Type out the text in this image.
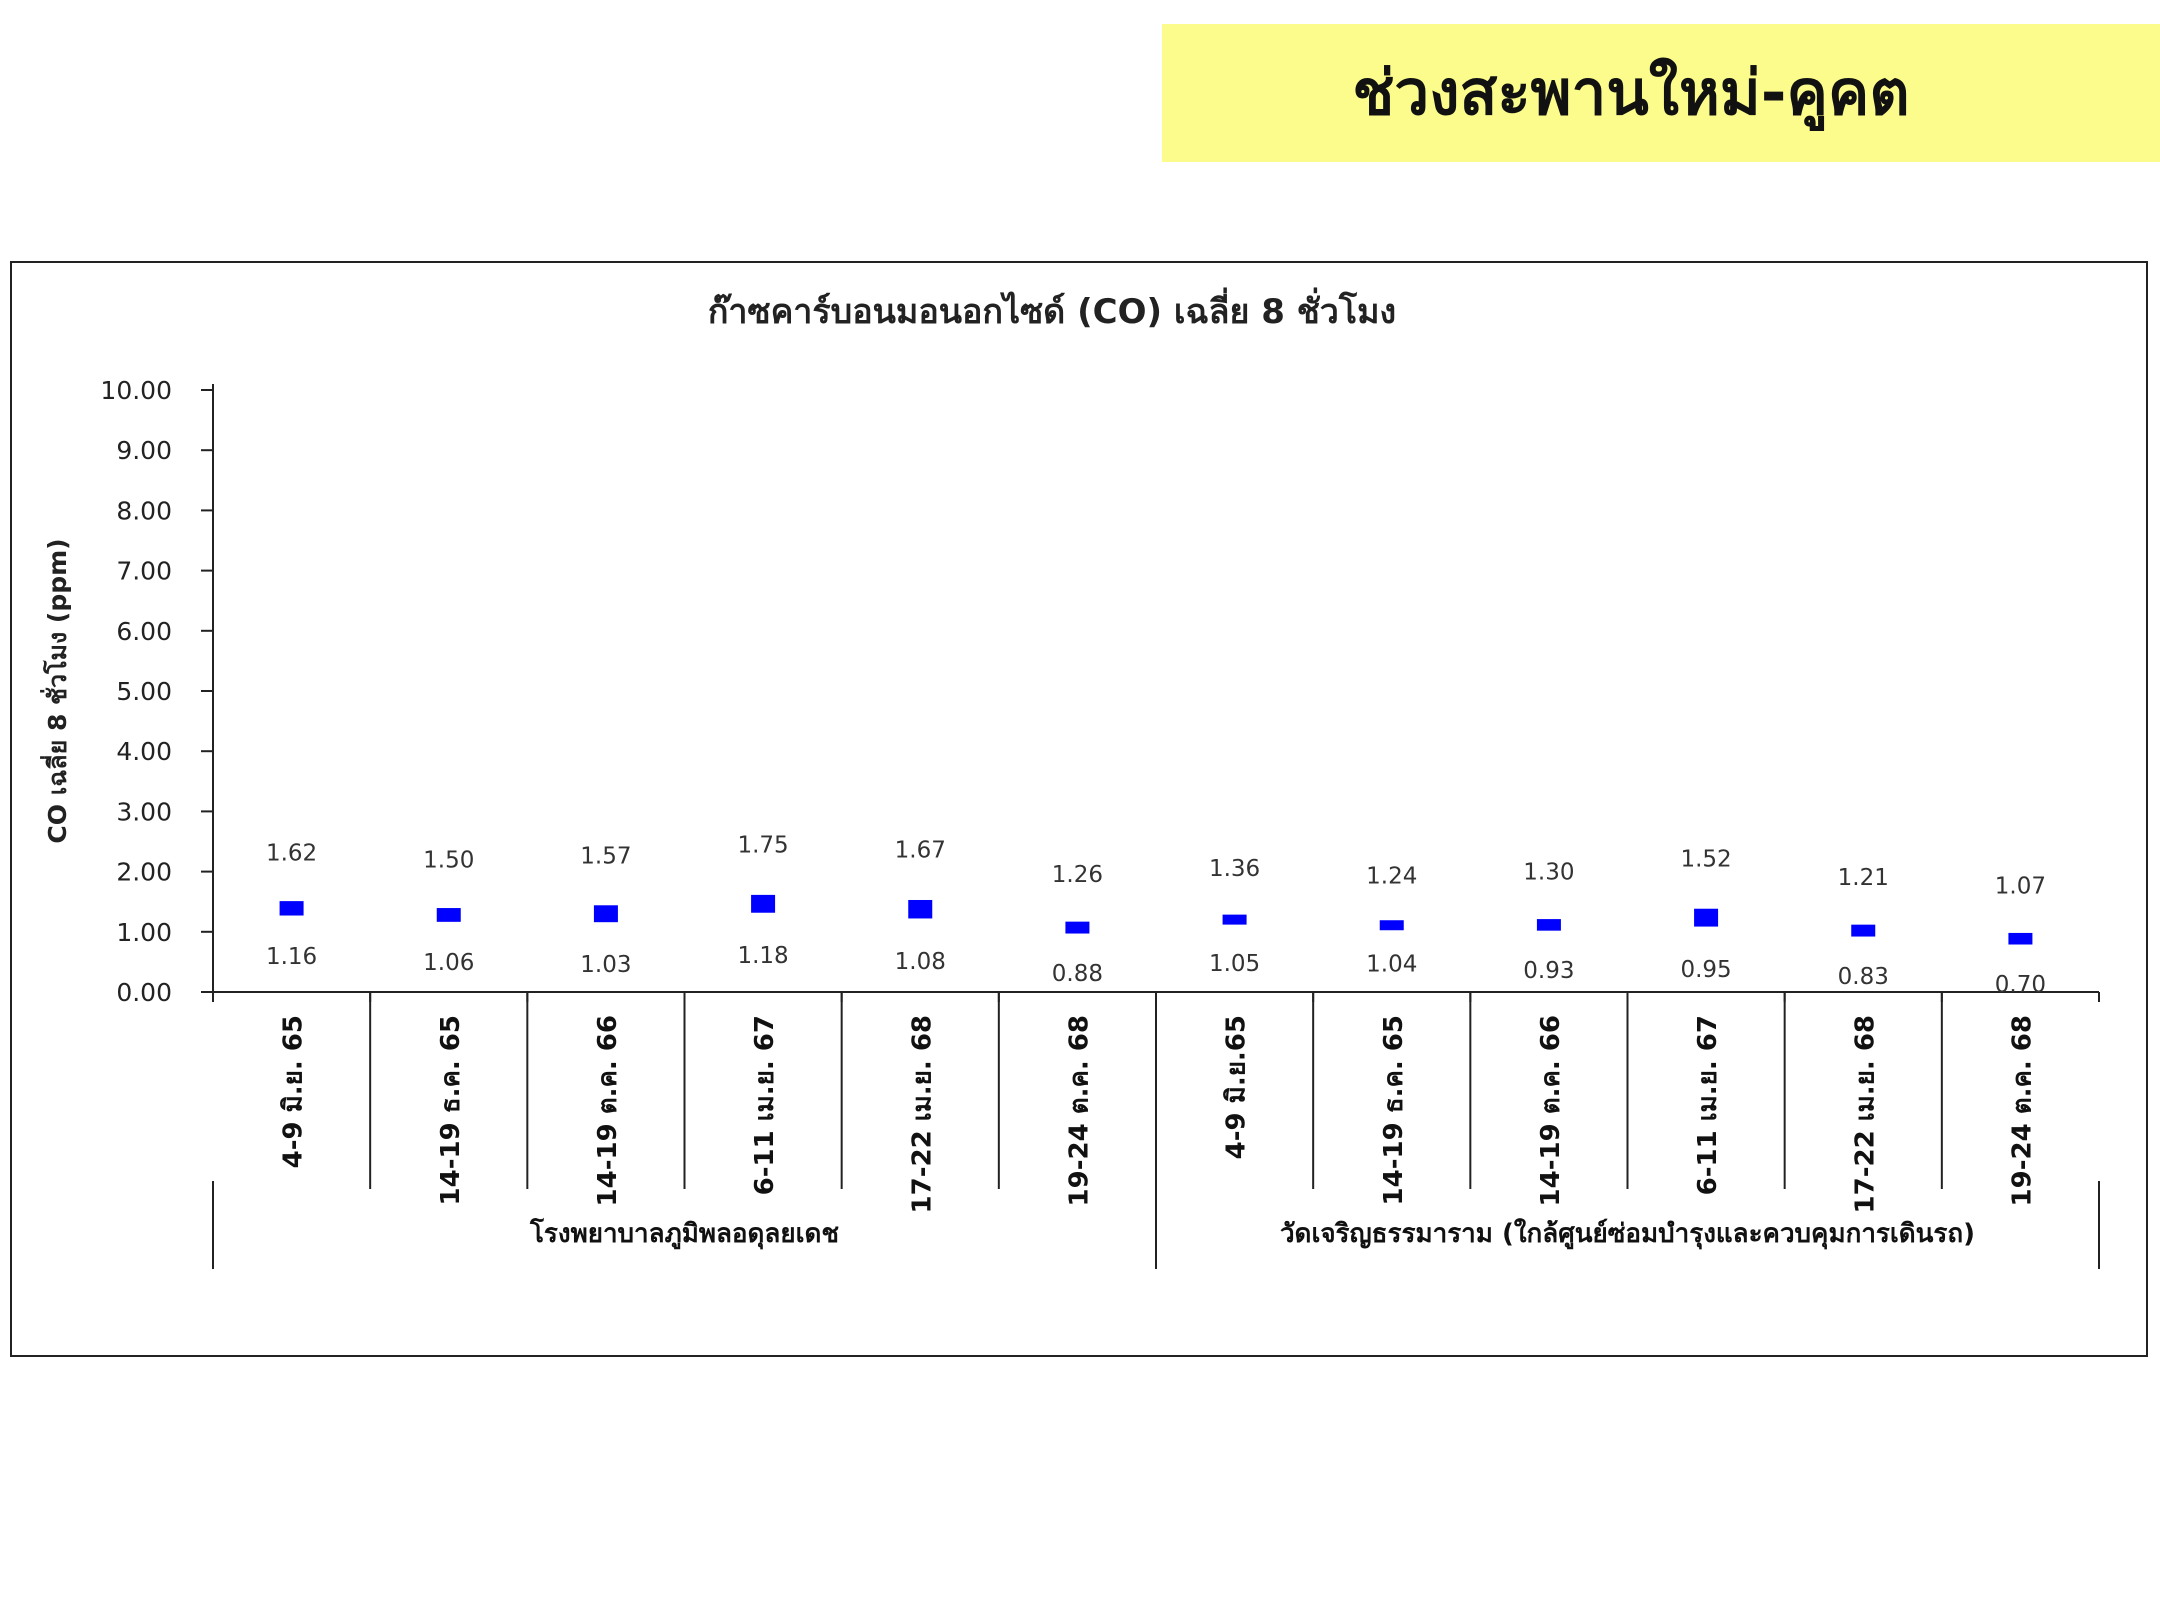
ช่วงสะพานใหม่-คูคต
ก๊าซคาร์บอนมอนอกไซด์ (CO) เฉลี่ย 8 ชั่วโมง
CO เฉลี่ย 8 ชั่วโมง (ppm)
0.00
1.00
2.00
3.00
4.00
5.00
6.00
7.00
8.00
9.00
10.00
1.62
1.16
4-9 มิ.ย. 65
1.50
1.06
14-19 ธ.ค. 65
1.57
1.03
14-19 ต.ค. 66
1.75
1.18
6-11 เม.ย. 67
1.67
1.08
17-22 เม.ย. 68
1.26
0.88
19-24 ต.ค. 68
1.36
1.05
4-9 มิ.ย.65
1.24
1.04
14-19 ธ.ค. 65
1.30
0.93
14-19 ต.ค. 66
1.52
0.95
6-11 เม.ย. 67
1.21
0.83
17-22 เม.ย. 68
1.07
0.70
19-24 ต.ค. 68
โรงพยาบาลภูมิพลอดุลยเดช	วัดเจริญธรรมาราม (ใกล้ศูนย์ซ่อมบำรุงและควบคุมการเดินรถ)
